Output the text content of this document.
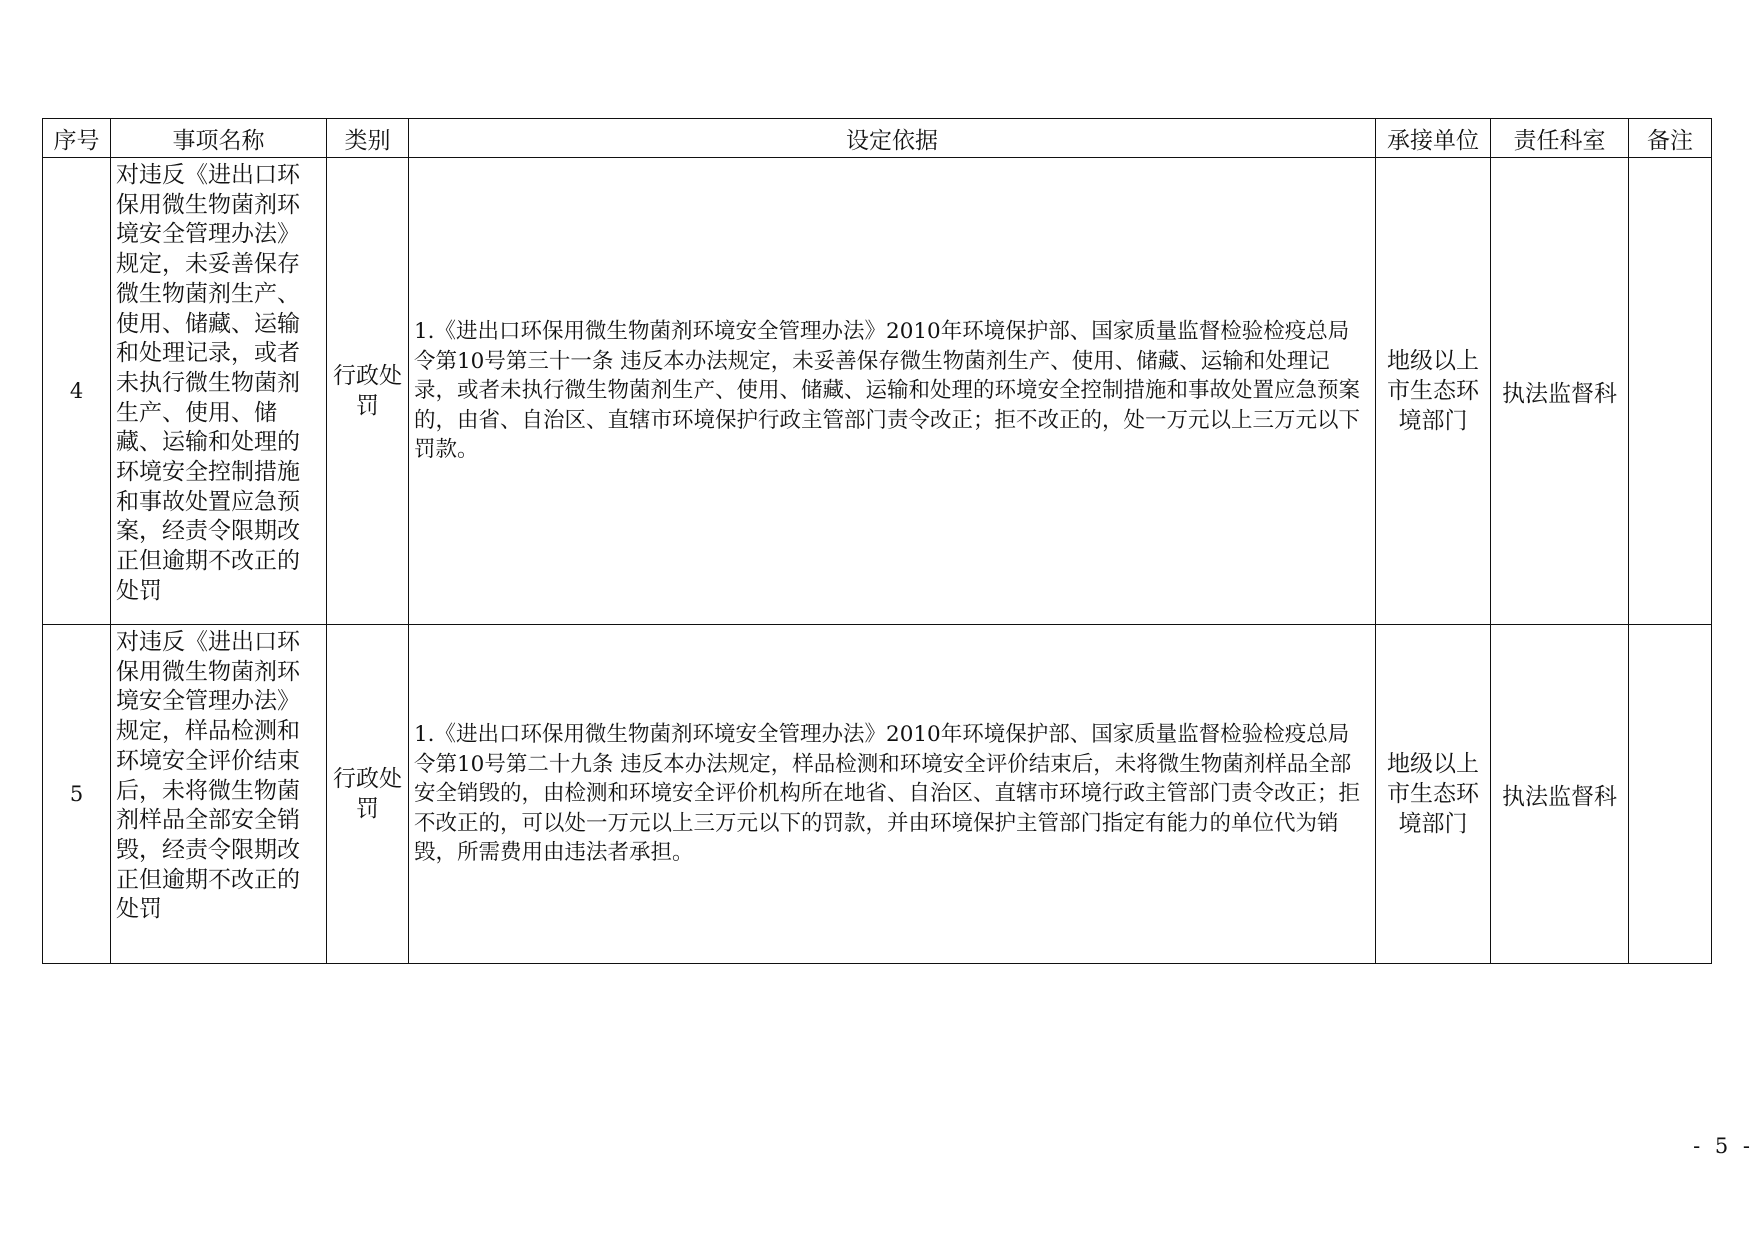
序号	事项名称	类别	设定依据	承接单位	责任科室	备注
4	对违反《进出口环保用微生物菌剂环境安全管理办法》规定，未妥善保存微生物菌剂生产、使用、储藏、运输和处理记录，或者未执行微生物菌剂生产、使用、储藏、运输和处理的环境安全控制措施和事故处置应急预案，经责令限期改正但逾期不改正的处罚	行政处罚	1.《进出口环保用微生物菌剂环境安全管理办法》2010年环境保护部、国家质量监督检验检疫总局令第10号第三十一条 违反本办法规定，未妥善保存微生物菌剂生产、使用、储藏、运输和处理记录，或者未执行微生物菌剂生产、使用、储藏、运输和处理的环境安全控制措施和事故处置应急预案的，由省、自治区、直辖市环境保护行政主管部门责令改正；拒不改正的，处一万元以上三万元以下罚款。	地级以上市生态环境部门	执法监督科	
5	对违反《进出口环保用微生物菌剂环境安全管理办法》规定，样品检测和环境安全评价结束后，未将微生物菌剂样品全部安全销毁，经责令限期改正但逾期不改正的处罚	行政处罚	1.《进出口环保用微生物菌剂环境安全管理办法》2010年环境保护部、国家质量监督检验检疫总局令第10号第二十九条 违反本办法规定，样品检测和环境安全评价结束后，未将微生物菌剂样品全部安全销毁的，由检测和环境安全评价机构所在地省、自治区、直辖市环境行政主管部门责令改正；拒不改正的，可以处一万元以上三万元以下的罚款，并由环境保护主管部门指定有能力的单位代为销毁，所需费用由违法者承担。	地级以上市生态环境部门	执法监督科	
- 5 -
